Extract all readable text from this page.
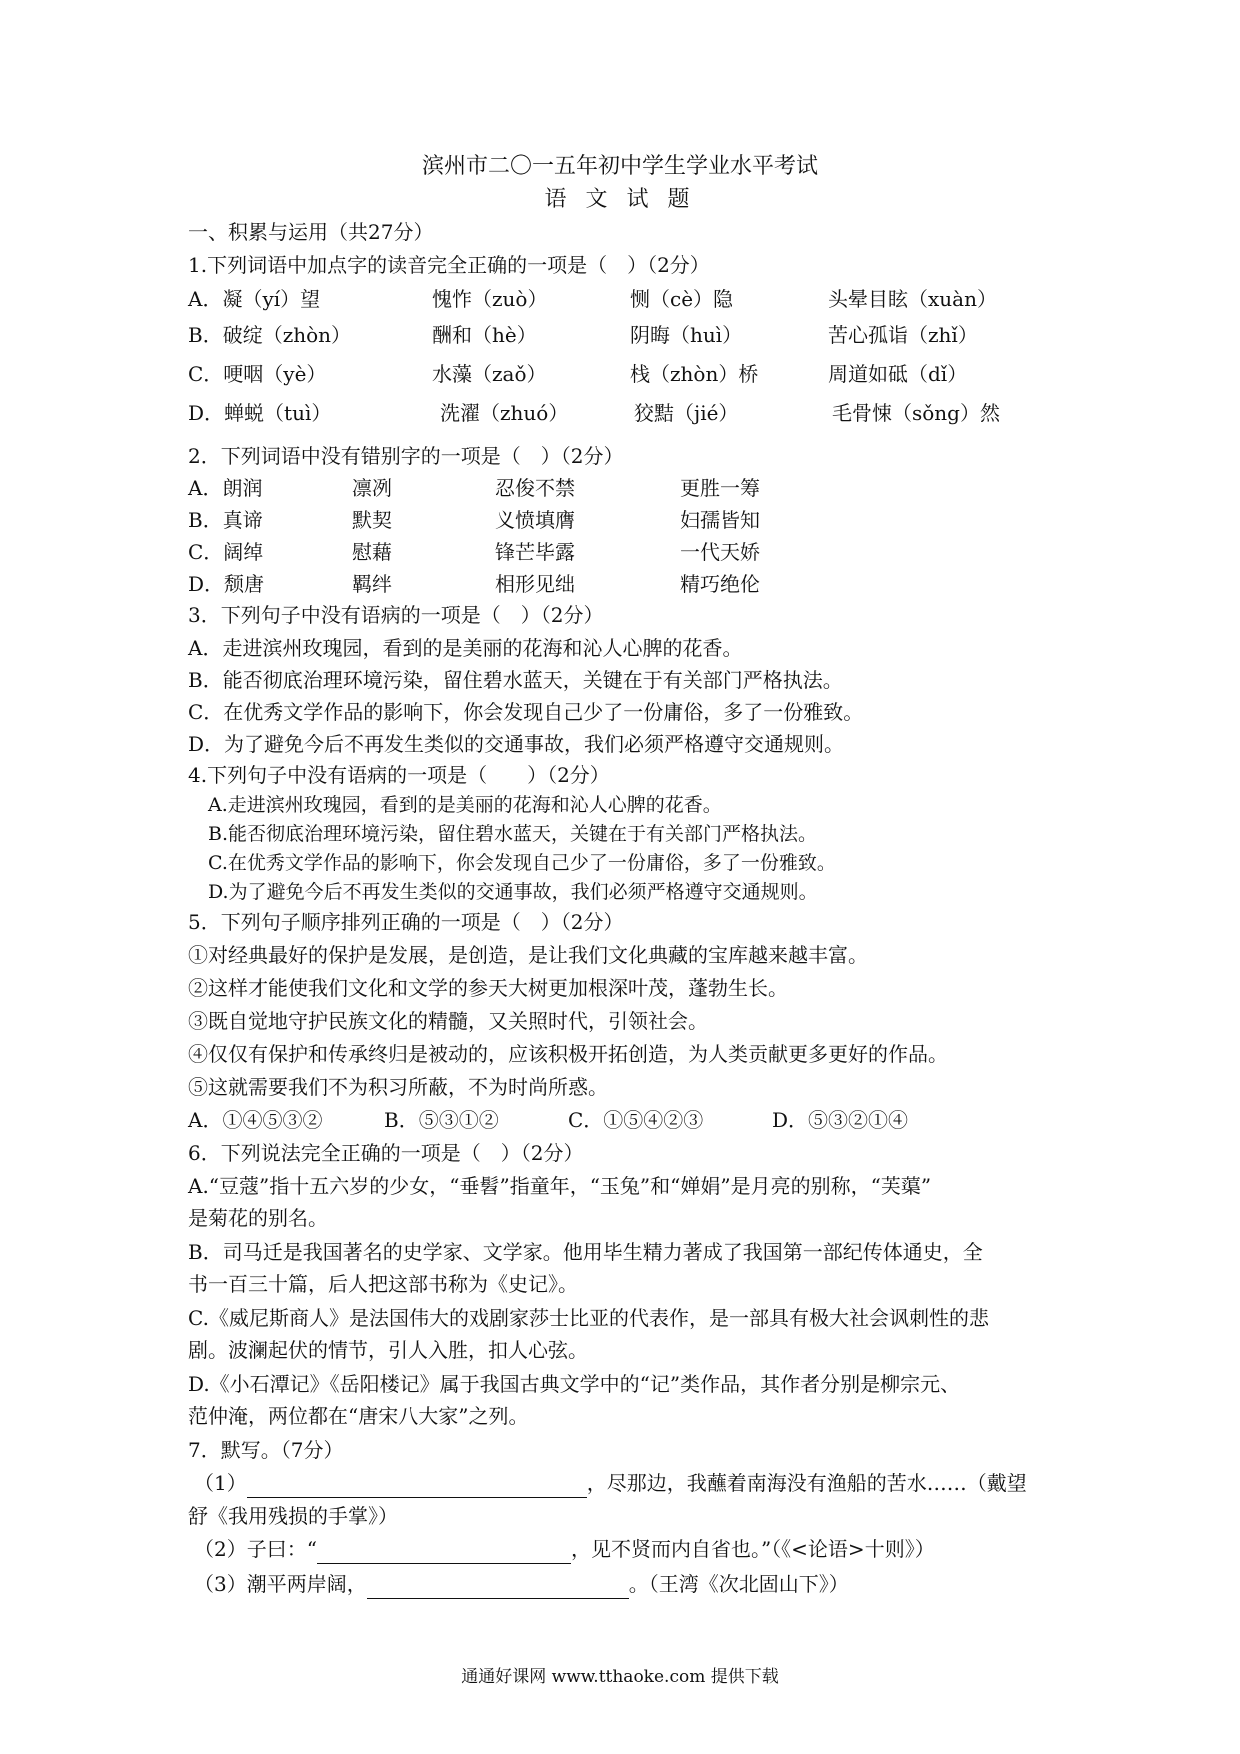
滨州市二〇一五年初中学生学业水平考试
语 文 试 题
一、积累与运用（共27分）
1.下列词语中加点字的读音完全正确的一项是（　）（2分）
A．凝（yí）望	愧怍（zuò）	恻（cè）隐	头晕目眩（xuàn）
B．破绽（zhòn）	酬和（hè）	阴晦（huì）	苦心孤诣（zhǐ）
C．哽咽（yè）	水藻（zaǒ）	栈（zhòn）桥	周道如砥（dǐ）
D．蝉蜕（tuì）	洗濯（zhuó）	狡黠（jié）	毛骨悚（sǒng）然
2．下列词语中没有错别字的一项是（　）（2分）
A．朗润	凛冽	忍俊不禁	更胜一筹
B．真谛	默契	义愤填膺	妇孺皆知
C．阔绰	慰藉	锋芒毕露	一代天娇
D．颓唐	羁绊	相形见绌	精巧绝伦
3．下列句子中没有语病的一项是（　）（2分）
A．走进滨州玫瑰园，看到的是美丽的花海和沁人心脾的花香。
B．能否彻底治理环境污染，留住碧水蓝天，关键在于有关部门严格执法。
C．在优秀文学作品的影响下，你会发现自己少了一份庸俗，多了一份雅致。
D．为了避免今后不再发生类似的交通事故，我们必须严格遵守交通规则。
4.下列句子中没有语病的一项是（　　）（2分）
A.走进滨州玫瑰园，看到的是美丽的花海和沁人心脾的花香。
B.能否彻底治理环境污染，留住碧水蓝天，关键在于有关部门严格执法。
C.在优秀文学作品的影响下，你会发现自己少了一份庸俗，多了一份雅致。
D.为了避免今后不再发生类似的交通事故，我们必须严格遵守交通规则。
5．下列句子顺序排列正确的一项是（　）（2分）
①对经典最好的保护是发展，是创造，是让我们文化典藏的宝库越来越丰富。
②这样才能使我们文化和文学的参天大树更加根深叶茂，蓬勃生长。
③既自觉地守护民族文化的精髓，又关照时代，引领社会。
④仅仅有保护和传承终归是被动的，应该积极开拓创造，为人类贡献更多更好的作品。
⑤这就需要我们不为积习所蔽，不为时尚所惑。
A．①④⑤③②	B．⑤③①②	C．①⑤④②③	D．⑤③②①④
6．下列说法完全正确的一项是（　）（2分）
A.“豆蔻”指十五六岁的少女，“垂髫”指童年，“玉兔”和“婵娟”是月亮的别称，“芙蕖”
是菊花的别名。
B．司马迁是我国著名的史学家、文学家。他用毕生精力著成了我国第一部纪传体通史，全
书一百三十篇，后人把这部书称为《史记》。
C.《威尼斯商人》是法国伟大的戏剧家莎士比亚的代表作，是一部具有极大社会讽刺性的悲
剧。波澜起伏的情节，引人入胜，扣人心弦。
D.《小石潭记》《岳阳楼记》属于我国古典文学中的“记”类作品，其作者分别是柳宗元、
范仲淹，两位都在“唐宋八大家”之列。
7．默写。（7分）
（1）	，尽那边，我蘸着南海没有渔船的苦水……（戴望
舒《我用残损的手掌》）
（2）子曰：“	，见不贤而内自省也。”（《<论语>十则》）
（3）潮平两岸阔，	。（王湾《次北固山下》）
通通好课网 www.tthaoke.com 提供下载
